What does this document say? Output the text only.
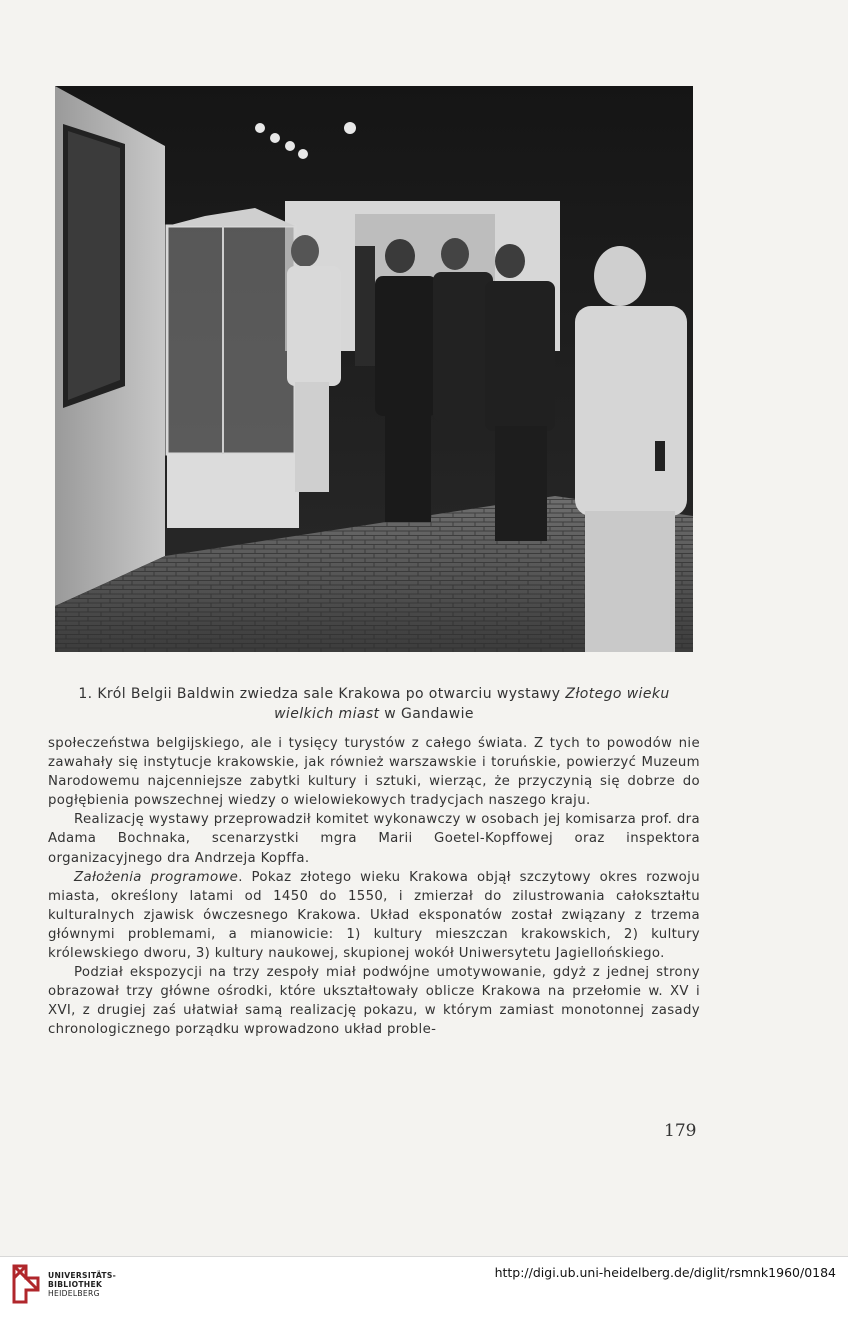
1. Król Belgii Baldwin zwiedza sale Krakowa po otwarciu wystawy Złotego wieku wielkich miast w Gandawie

społeczeństwa belgijskiego, ale i tysięcy turystów z całego świata. Z tych to powodów nie zawahały się instytucje krakowskie, jak również warszawskie i toruńskie, powierzyć Muzeum Narodowemu najcenniejsze zabytki kultury i sztuki, wierząc, że przyczynią się dobrze do pogłębienia powszechnej wiedzy o wielowiekowych tradycjach naszego kraju.

Realizację wystawy przeprowadził komitet wykonawczy w osobach jej komisarza prof. dra Adama Bochnaka, scenarzystki mgra Marii Goetel-Kopffowej oraz inspektora organizacyjnego dra Andrzeja Kopffa.

Założenia programowe. Pokaz złotego wieku Krakowa objął szczytowy okres rozwoju miasta, określony latami od 1450 do 1550, i zmierzał do zilustrowania całokształtu kulturalnych zjawisk ówczesnego Krakowa. Układ eksponatów został związany z trzema głównymi problemami, a mianowicie: 1) kultury mieszczan krakowskich, 2) kultury królewskiego dworu, 3) kultury naukowej, skupionej wokół Uniwersytetu Jagiellońskiego.

Podział ekspozycji na trzy zespoły miał podwójne umotywowanie, gdyż z jednej strony obrazował trzy główne ośrodki, które ukształtowały oblicze Krakowa na przełomie w. XV i XVI, z drugiej zaś ułatwiał samą realizację pokazu, w którym zamiast monotonnej zasady chronologicznego porządku wprowadzono układ proble-

179
UNIVERSITÄTS-
BIBLIOTHEK
HEIDELBERG
http://digi.ub.uni-heidelberg.de/diglit/rsmnk1960/0184
